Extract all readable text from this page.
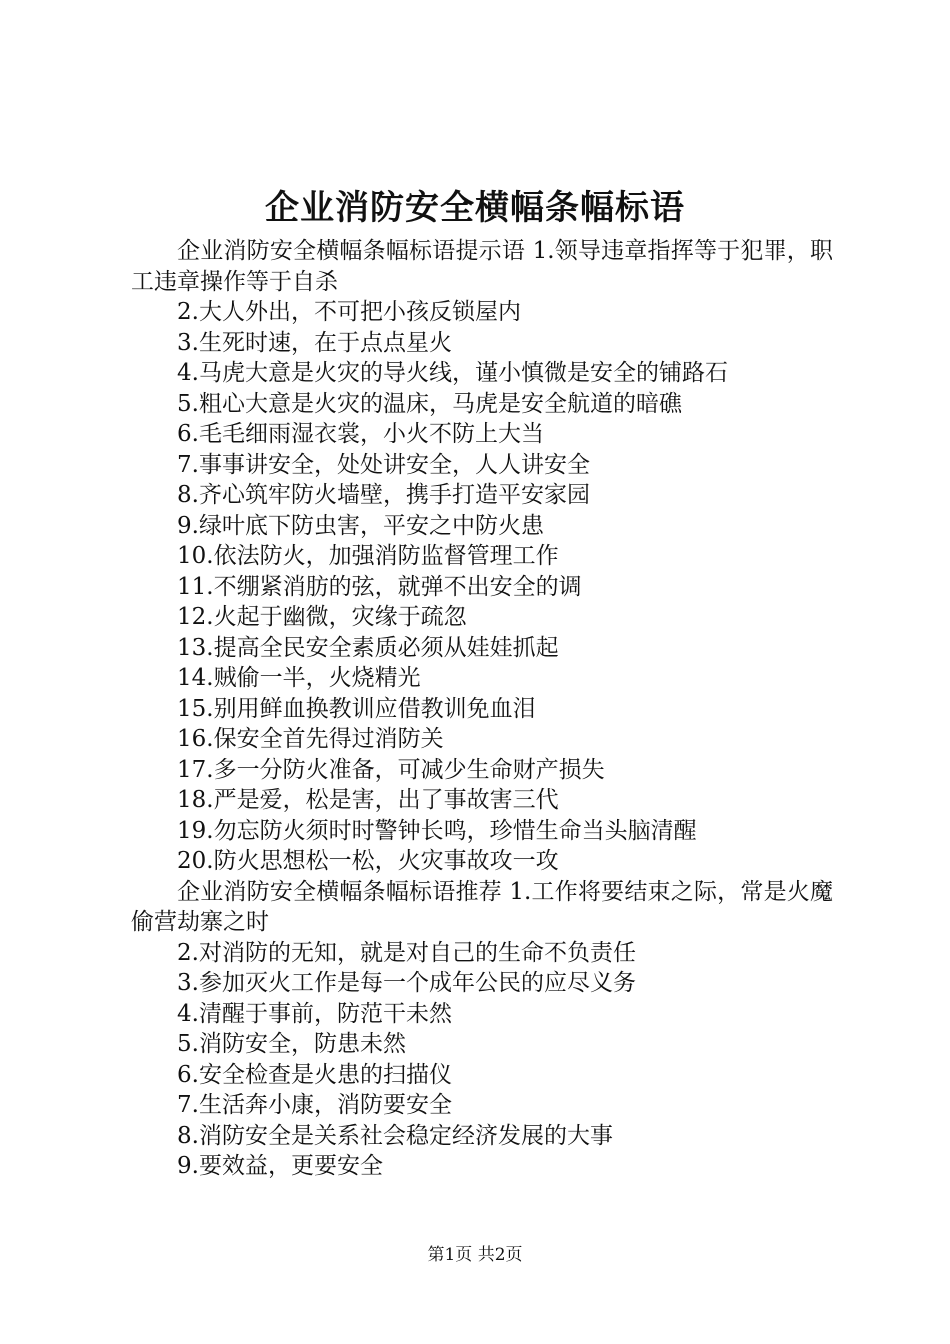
企业消防安全横幅条幅标语

企业消防安全横幅条幅标语提示语 1.领导违章指挥等于犯罪，职工违章操作等于自杀

2.大人外出，不可把小孩反锁屋内

3.生死时速，在于点点星火

4.马虎大意是火灾的导火线，谨小慎微是安全的铺路石

5.粗心大意是火灾的温床，马虎是安全航道的暗礁

6.毛毛细雨湿衣裳，小火不防上大当

7.事事讲安全，处处讲安全，人人讲安全

8.齐心筑牢防火墙壁，携手打造平安家园

9.绿叶底下防虫害，平安之中防火患

10.依法防火，加强消防监督管理工作

11.不绷紧消肪的弦，就弹不出安全的调

12.火起于幽微，灾缘于疏忽

13.提高全民安全素质必须从娃娃抓起

14.贼偷一半，火烧精光

15.别用鲜血换教训应借教训免血泪

16.保安全首先得过消防关

17.多一分防火准备，可减少生命财产损失

18.严是爱，松是害，出了事故害三代

19.勿忘防火须时时警钟长鸣，珍惜生命当头脑清醒

20.防火思想松一松，火灾事故攻一攻

企业消防安全横幅条幅标语推荐 1.工作将要结束之际，常是火魔偷营劫寨之时

2.对消防的无知，就是对自己的生命不负责任

3.参加灭火工作是每一个成年公民的应尽义务

4.清醒于事前，防范干未然

5.消防安全，防患未然

6.安全检查是火患的扫描仪

7.生活奔小康，消防要安全

8.消防安全是关系社会稳定经济发展的大事

9.要效益，更要安全

第1页 共2页
